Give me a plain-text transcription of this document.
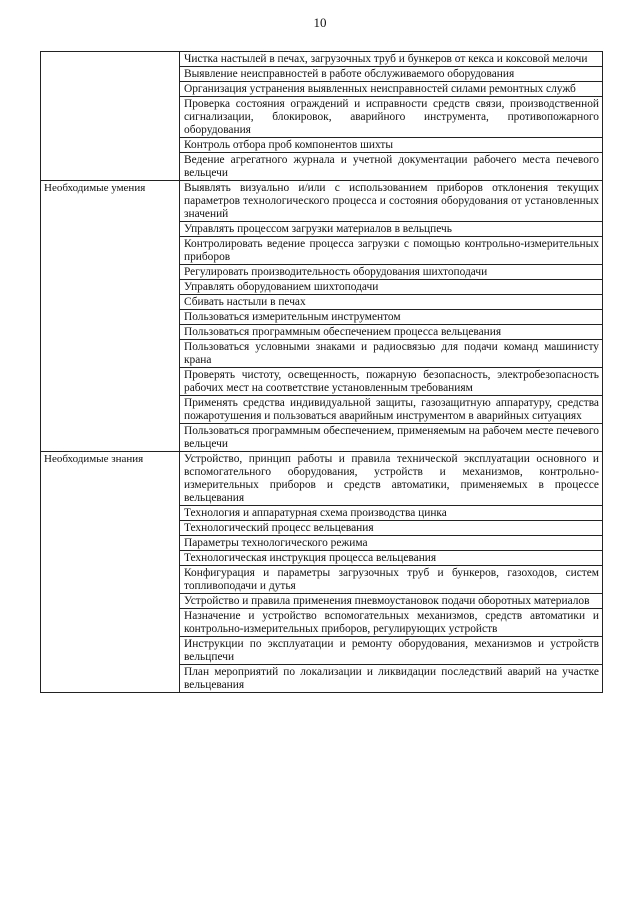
10
Чистка настылей в печах, загрузочных труб и бункеров от кекса и коксовой мелочи
Выявление неисправностей в работе обслуживаемого оборудования
Организация устранения выявленных неисправностей силами ремонтных служб
Проверка состояния ограждений и исправности средств связи, производственной сигнализации, блокировок, аварийного инструмента, противопожарного оборудования
Контроль отбора проб компонентов шихты
Ведение агрегатного журнала и учетной документации рабочего места печевого вельцечи
Необходимые умения	Выявлять визуально и/или с использованием приборов отклонения текущих параметров технологического процесса и состояния оборудования от установленных значений
Управлять процессом загрузки материалов в вельцпечь
Контролировать ведение процесса загрузки с помощью контрольно-измерительных приборов
Регулировать производительность оборудования шихтоподачи
Управлять оборудованием шихтоподачи
Сбивать настыли в печах
Пользоваться измерительным инструментом
Пользоваться программным обеспечением процесса вельцевания
Пользоваться условными знаками и радиосвязью для подачи команд машинисту крана
Проверять чистоту, освещенность, пожарную безопасность, электробезопасность рабочих мест на соответствие установленным требованиям
Применять средства индивидуальной защиты, газозащитную аппаратуру, средства пожаротушения и пользоваться аварийным инструментом в аварийных ситуациях
Пользоваться программным обеспечением, применяемым на рабочем месте печевого вельцечи
Необходимые знания	Устройство, принцип работы и правила технической эксплуатации основного и вспомогательного оборудования, устройств и механизмов, контрольно-измерительных приборов и средств автоматики, применяемых в процессе вельцевания
Технология и аппаратурная схема производства цинка
Технологический процесс вельцевания
Параметры технологического режима
Технологическая инструкция процесса вельцевания
Конфигурация и параметры загрузочных труб и бункеров, газоходов, систем топливоподачи и дутья
Устройство и правила применения пневмоустановок подачи оборотных материалов
Назначение и устройство вспомогательных механизмов, средств автоматики и контрольно-измерительных приборов, регулирующих устройств
Инструкции по эксплуатации и ремонту оборудования, механизмов и устройств вельцпечи
План мероприятий по локализации и ликвидации последствий аварий на участке вельцевания
